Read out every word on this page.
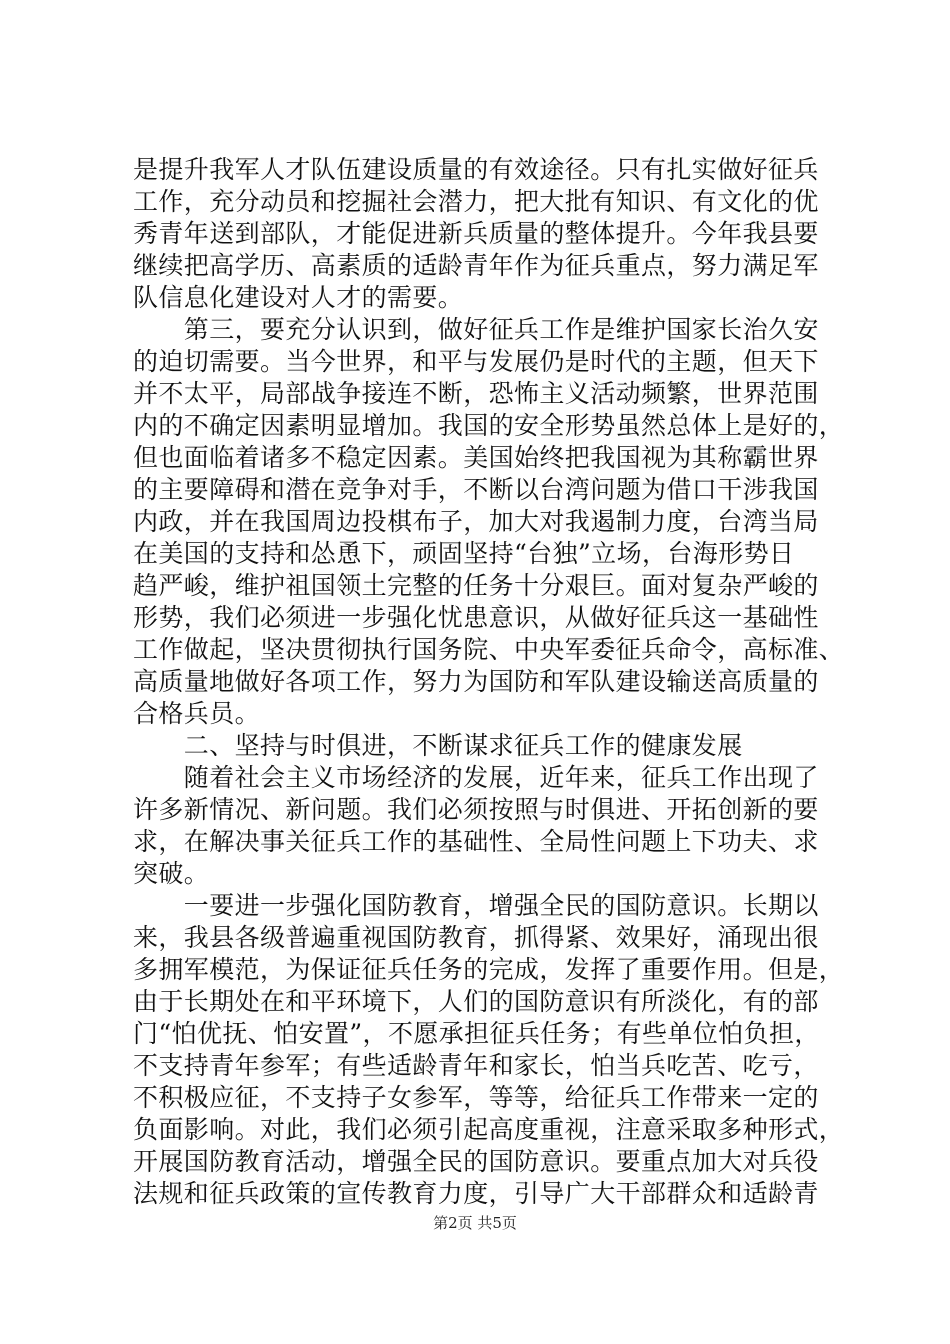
是提升我军人才队伍建设质量的有效途径。只有扎实做好征兵
工作，充分动员和挖掘社会潜力，把大批有知识、有文化的优
秀青年送到部队，才能促进新兵质量的整体提升。今年我县要
继续把高学历、高素质的适龄青年作为征兵重点，努力满足军
队信息化建设对人才的需要。
　　第三，要充分认识到，做好征兵工作是维护国家长治久安
的迫切需要。当今世界，和平与发展仍是时代的主题，但天下
并不太平，局部战争接连不断，恐怖主义活动频繁，世界范围
内的不确定因素明显增加。我国的安全形势虽然总体上是好的，
但也面临着诸多不稳定因素。美国始终把我国视为其称霸世界
的主要障碍和潜在竞争对手，不断以台湾问题为借口干涉我国
内政，并在我国周边投棋布子，加大对我遏制力度，台湾当局
在美国的支持和怂恿下，顽固坚持“台独”立场，台海形势日
趋严峻，维护祖国领土完整的任务十分艰巨。面对复杂严峻的
形势，我们必须进一步强化忧患意识，从做好征兵这一基础性
工作做起，坚决贯彻执行国务院、中央军委征兵命令，高标准、
高质量地做好各项工作，努力为国防和军队建设输送高质量的
合格兵员。
　　二、坚持与时俱进，不断谋求征兵工作的健康发展
　　随着社会主义市场经济的发展，近年来，征兵工作出现了
许多新情况、新问题。我们必须按照与时俱进、开拓创新的要
求，在解决事关征兵工作的基础性、全局性问题上下功夫、求
突破。
　　一要进一步强化国防教育，增强全民的国防意识。长期以
来，我县各级普遍重视国防教育，抓得紧、效果好，涌现出很
多拥军模范，为保证征兵任务的完成，发挥了重要作用。但是，
由于长期处在和平环境下，人们的国防意识有所淡化，有的部
门“怕优抚、怕安置”，不愿承担征兵任务；有些单位怕负担，
不支持青年参军；有些适龄青年和家长，怕当兵吃苦、吃亏，
不积极应征，不支持子女参军，等等，给征兵工作带来一定的
负面影响。对此，我们必须引起高度重视，注意采取多种形式，
开展国防教育活动，增强全民的国防意识。要重点加大对兵役
法规和征兵政策的宣传教育力度，引导广大干部群众和适龄青
第2页 共5页
